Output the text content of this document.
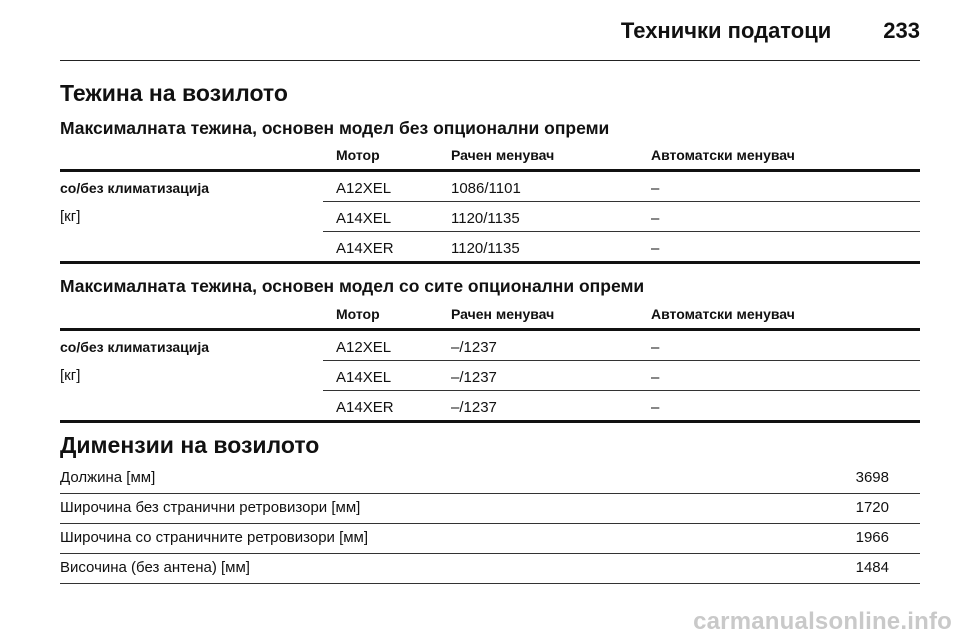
Технички податоци 233
Тежина на возилото
Максималната тежина, основен модел без опционални опреми
Мотор	Рачен менувач	Автоматски менувач
со/без климатизација
[кг]
A12XEL	1086/1101	–
A14XEL	1120/1135	–
A14XER	1120/1135	–
Максималната тежина, основен модел со сите опционални опреми
Мотор	Рачен менувач	Автоматски менувач
со/без климатизација
[кг]
A12XEL	–/1237	–
A14XEL	–/1237	–
A14XER	–/1237	–
Димензии на возилото
Должина [мм]	3698
Широчина без странични ретровизори [мм]	1720
Широчина со страничните ретровизори [мм]	1966
Височина (без антена) [мм]	1484
carmanualsonline.info
